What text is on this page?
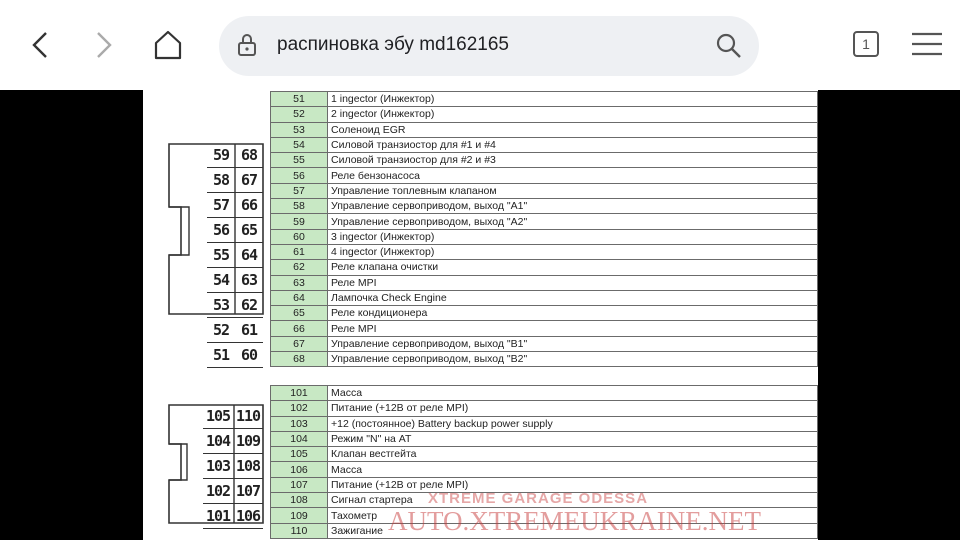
распиновка эбу md162165	1
59 68
58 67
57 66
56 65
55 64
54 63
53 62
52 61
51 60
105 110
104 109
103 108
102 107
101 106
51	1 ingector (Инжектор)
52	2 ingector (Инжектор)
53	Соленоид EGR
54	Силовой транзиостор для #1 и #4
55	Силовой транзиостор для #2 и #3
56	Реле бензонасоса
57	Управление топлевным клапаном
58	Управление сервоприводом, выход "А1"
59	Управление сервоприводом, выход "А2"
60	3 ingector (Инжектор)
61	4 ingector (Инжектор)
62	Реле клапана очистки
63	Реле MPI
64	Лампочка Check Engine
65	Реле кондиционера
66	Реле MPI
67	Управление сервоприводом, выход "В1"
68	Управление сервоприводом, выход "В2"
101	Масса
102	Питание (+12В от реле MPI)
103	+12 (постоянное) Battery backup power supply
104	Режим "N" на АТ
105	Клапан вестгейта
106	Масса
107	Питание (+12В от реле MPI)
108	Сигнал стартера
109	Тахометр
110	Зажигание
XTREME GARAGE ODESSA
AUTO.XTREMEUKRAINE.NET
